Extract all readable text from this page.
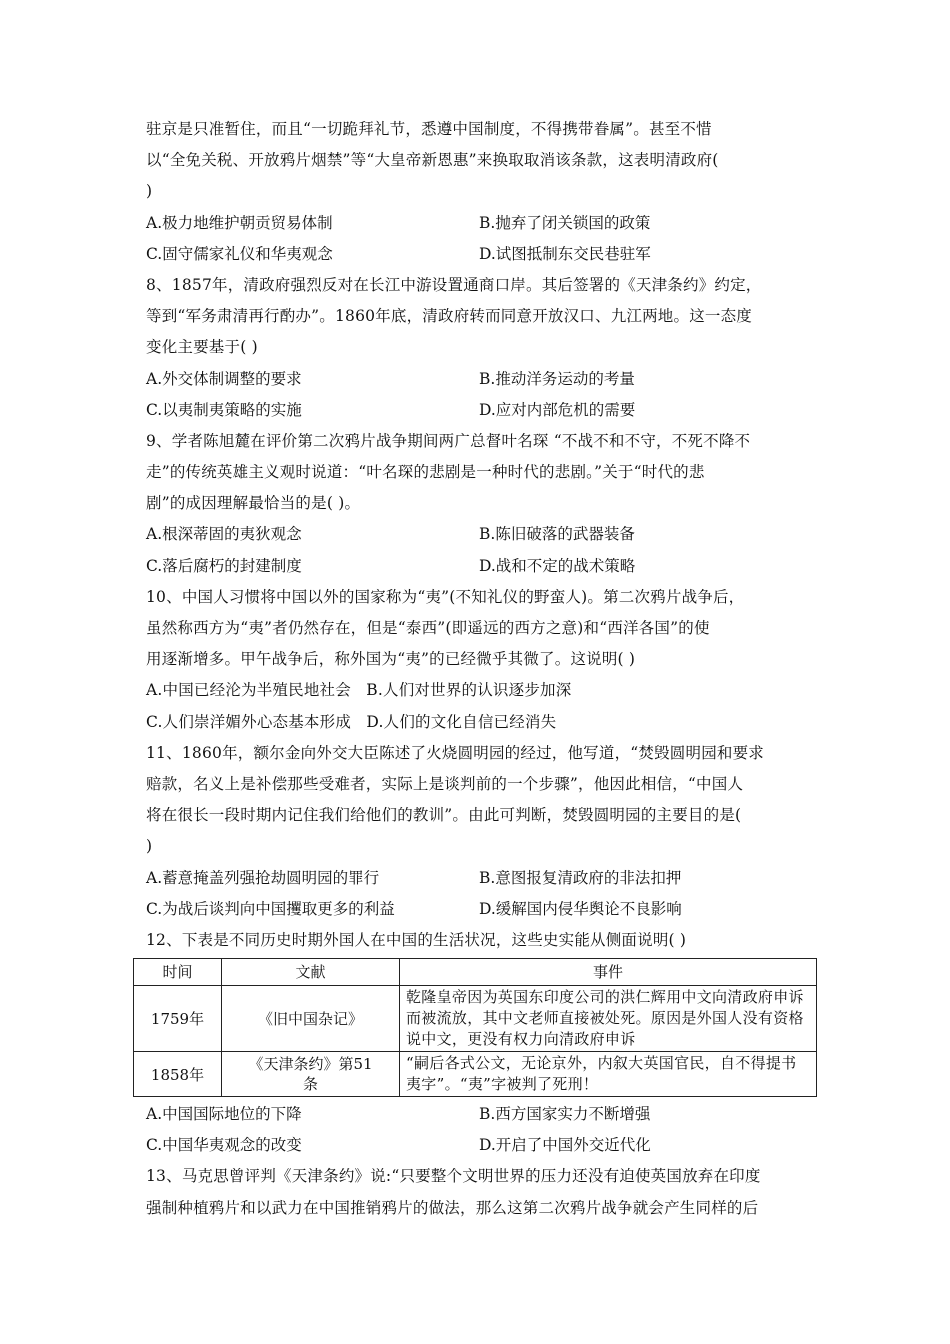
驻京是只准暂住，而且“一切跪拜礼节，悉遵中国制度，不得携带眷属”。甚至不惜
以“全免关税、开放鸦片烟禁”等“大皇帝新恩惠”来换取取消该条款，这表明清政府(
)
A.极力地维护朝贡贸易体制	B.抛弃了闭关锁国的政策
C.固守儒家礼仪和华夷观念	D.试图抵制东交民巷驻军
8、1857年，清政府强烈反对在长江中游设置通商口岸。其后签署的《天津条约》约定，
等到“军务肃清再行酌办”。1860年底，清政府转而同意开放汉口、九江两地。这一态度
变化主要基于( )
A.外交体制调整的要求	B.推动洋务运动的考量
C.以夷制夷策略的实施	D.应对内部危机的需要
9、学者陈旭麓在评价第二次鸦片战争期间两广总督叶名琛 “不战不和不守，不死不降不
走”的传统英雄主义观时说道：“叶名琛的悲剧是一种时代的悲剧。”关于“时代的悲
剧”的成因理解最恰当的是( )。
A.根深蒂固的夷狄观念	B.陈旧破落的武器装备
C.落后腐朽的封建制度	D.战和不定的战术策略
10、中国人习惯将中国以外的国家称为“夷”(不知礼仪的野蛮人)。第二次鸦片战争后，
虽然称西方为“夷”者仍然存在，但是“泰西”(即遥远的西方之意)和“西洋各国”的使
用逐渐增多。甲午战争后，称外国为“夷”的已经微乎其微了。这说明( )
A.中国已经沦为半殖民地社会   B.人们对世界的认识逐步加深
C.人们崇洋媚外心态基本形成   D.人们的文化自信已经消失
11、1860年，额尔金向外交大臣陈述了火烧圆明园的经过，他写道，“焚毁圆明园和要求
赔款，名义上是补偿那些受难者，实际上是谈判前的一个步骤”，他因此相信，“中国人
将在很长一段时期内记住我们给他们的教训”。由此可判断，焚毁圆明园的主要目的是(
)
A.蓄意掩盖列强抢劫圆明园的罪行	B.意图报复清政府的非法扣押
C.为战后谈判向中国攫取更多的利益	D.缓解国内侵华舆论不良影响
12、下表是不同历史时期外国人在中国的生活状况，这些史实能从侧面说明( )
时间	文献	事件
1759年	《旧中国杂记》	乾隆皇帝因为英国东印度公司的洪仁辉用中文向清政府申诉而被流放，其中文老师直接被处死。原因是外国人没有资格说中文，更没有权力向清政府申诉
1858年	《天津条约》第51条	“嗣后各式公文，无论京外，内叙大英国官民，自不得提书夷字”。“夷”字被判了死刑！
A.中国国际地位的下降	B.西方国家实力不断增强
C.中国华夷观念的改变	D.开启了中国外交近代化
13、马克思曾评判《天津条约》说:“只要整个文明世界的压力还没有迫使英国放弃在印度
强制种植鸦片和以武力在中国推销鸦片的做法，那么这第二次鸦片战争就会产生同样的后
